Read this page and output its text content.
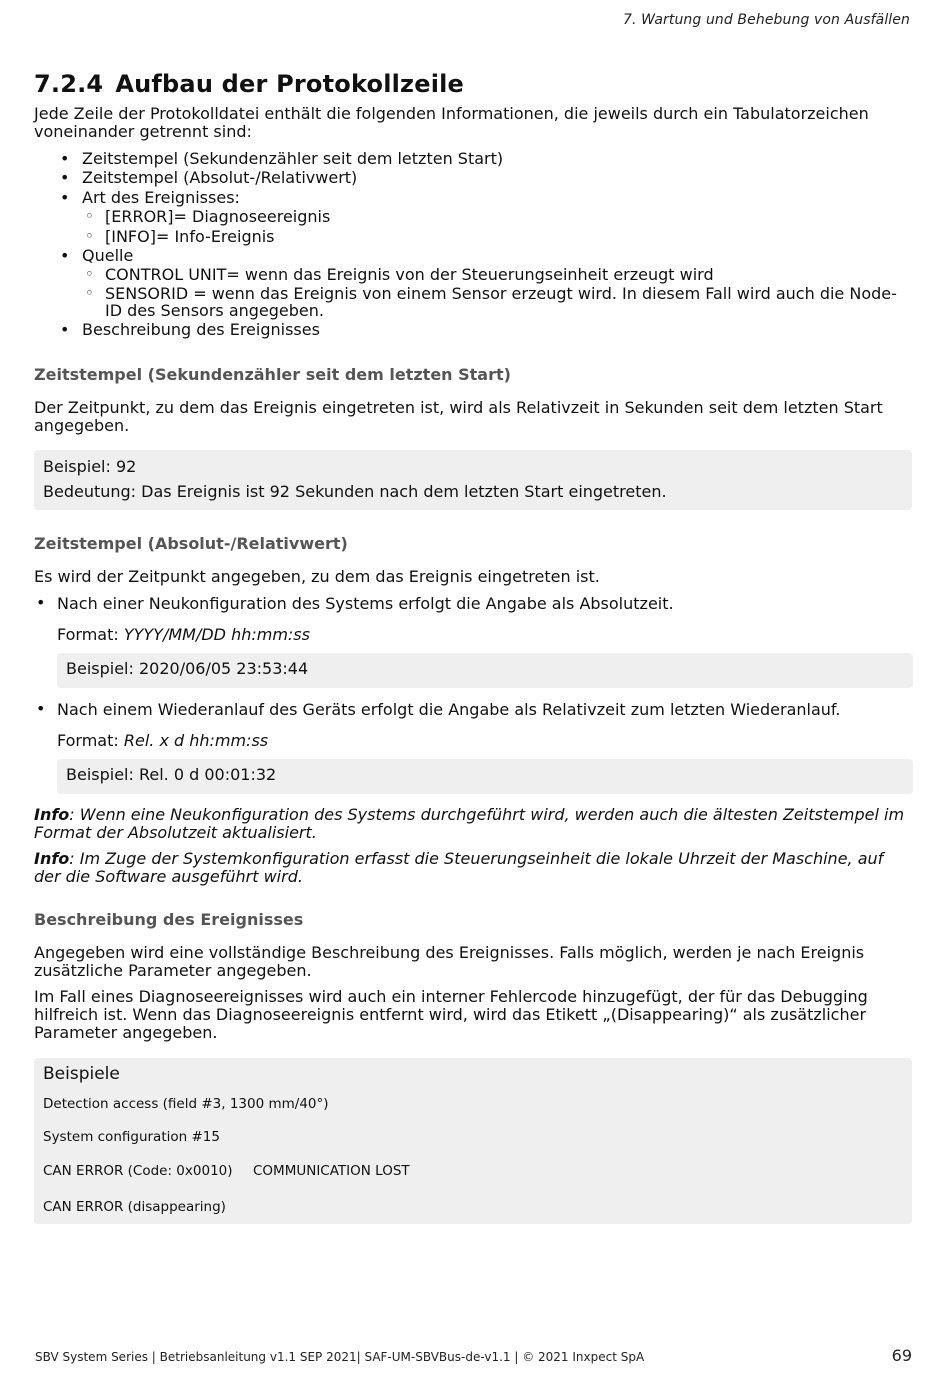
7. Wartung und Behebung von Ausfällen
7.2.4 Aufbau der Protokollzeile

Jede Zeile der Protokolldatei enthält die folgenden Informationen, die jeweils durch ein Tabulatorzeichen voneinander getrennt sind:

• Zeitstempel (Sekundenzähler seit dem letzten Start)
• Zeitstempel (Absolut-/Relativwert)
• Art des Ereignisses:
◦ [ERROR]= Diagnoseereignis
◦ [INFO]= Info-Ereignis
• Quelle
◦ CONTROL UNIT= wenn das Ereignis von der Steuerungseinheit erzeugt wird
◦ SENSORID = wenn das Ereignis von einem Sensor erzeugt wird. In diesem Fall wird auch die Node-ID des Sensors angegeben.
• Beschreibung des Ereignisses
Zeitstempel (Sekundenzähler seit dem letzten Start)

Der Zeitpunkt, zu dem das Ereignis eingetreten ist, wird als Relativzeit in Sekunden seit dem letzten Start angegeben.

Beispiel: 92
Bedeutung: Das Ereignis ist 92 Sekunden nach dem letzten Start eingetreten.
Zeitstempel (Absolut-/Relativwert)

Es wird der Zeitpunkt angegeben, zu dem das Ereignis eingetreten ist.

• Nach einer Neukonfiguration des Systems erfolgt die Angabe als Absolutzeit.
Format: YYYY/MM/DD hh:mm:ss
Beispiel: 2020/06/05 23:53:44
• Nach einem Wiederanlauf des Geräts erfolgt die Angabe als Relativzeit zum letzten Wiederanlauf.
Format: Rel. x d hh:mm:ss
Beispiel: Rel. 0 d 00:01:32

Info: Wenn eine Neukonfiguration des Systems durchgeführt wird, werden auch die ältesten Zeitstempel im Format der Absolutzeit aktualisiert.

Info: Im Zuge der Systemkonfiguration erfasst die Steuerungseinheit die lokale Uhrzeit der Maschine, auf der die Software ausgeführt wird.

Beschreibung des Ereignisses

Angegeben wird eine vollständige Beschreibung des Ereignisses. Falls möglich, werden je nach Ereignis zusätzliche Parameter angegeben.

Im Fall eines Diagnoseereignisses wird auch ein interner Fehlercode hinzugefügt, der für das Debugging hilfreich ist. Wenn das Diagnoseereignis entfernt wird, wird das Etikett „(Disappearing)“ als zusätzlicher Parameter angegeben.

Beispiele
Detection access (field #3, 1300 mm/40°)
System configuration #15
CAN ERROR (Code: 0x0010) COMMUNICATION LOST
CAN ERROR (disappearing)
SBV System Series | Betriebsanleitung v1.1 SEP 2021| SAF-UM-SBVBus-de-v1.1 | © 2021 Inxpect SpA	69
